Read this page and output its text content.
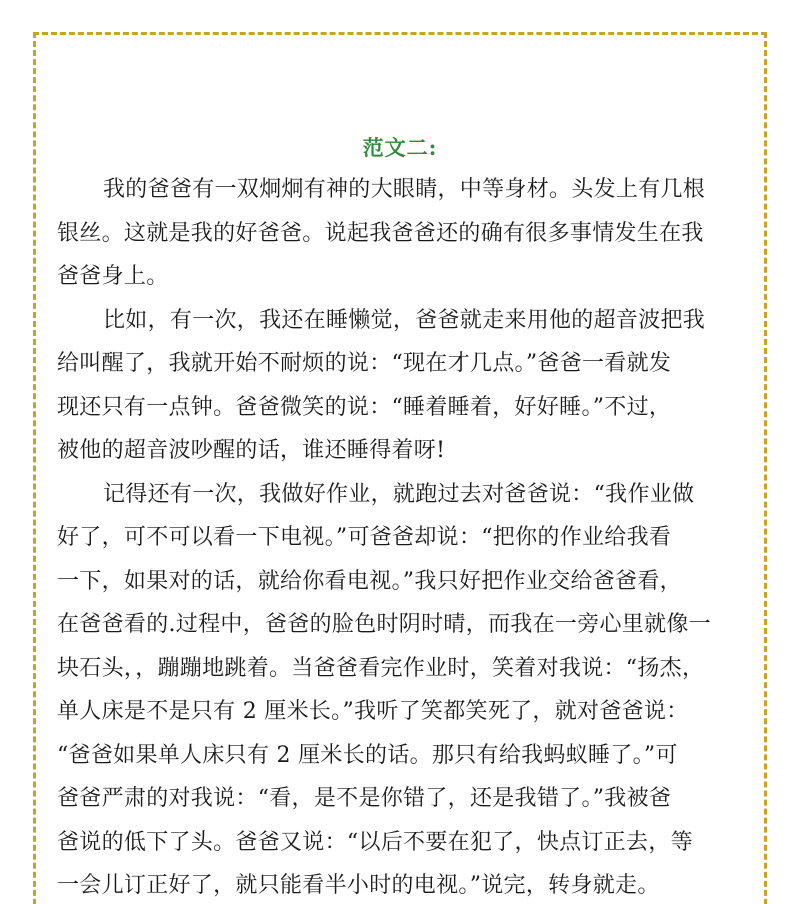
范文二:

我的爸爸有一双炯炯有神的大眼睛，中等身材。头发上有几根
银丝。这就是我的好爸爸。说起我爸爸还的确有很多事情发生在我
爸爸身上。

比如，有一次，我还在睡懒觉，爸爸就走来用他的超音波把我
给叫醒了，我就开始不耐烦的说：“现在才几点。”爸爸一看就发
现还只有一点钟。爸爸微笑的说：“睡着睡着，好好睡。”不过，
被他的超音波吵醒的话，谁还睡得着呀!

记得还有一次，我做好作业，就跑过去对爸爸说：“我作业做
好了，可不可以看一下电视。”可爸爸却说：“把你的作业给我看
一下，如果对的话，就给你看电视。”我只好把作业交给爸爸看，
在爸爸看的.过程中，爸爸的脸色时阴时晴，而我在一旁心里就像一
块石头，，蹦蹦地跳着。当爸爸看完作业时，笑着对我说：“扬杰，
单人床是不是只有 2 厘米长。”我听了笑都笑死了，就对爸爸说：
“爸爸如果单人床只有 2 厘米长的话。那只有给我蚂蚁睡了。”可
爸爸严肃的对我说：“看，是不是你错了，还是我错了。”我被爸
爸说的低下了头。爸爸又说：“以后不要在犯了，快点订正去，等
一会儿订正好了，就只能看半小时的电视。”说完，转身就走。
